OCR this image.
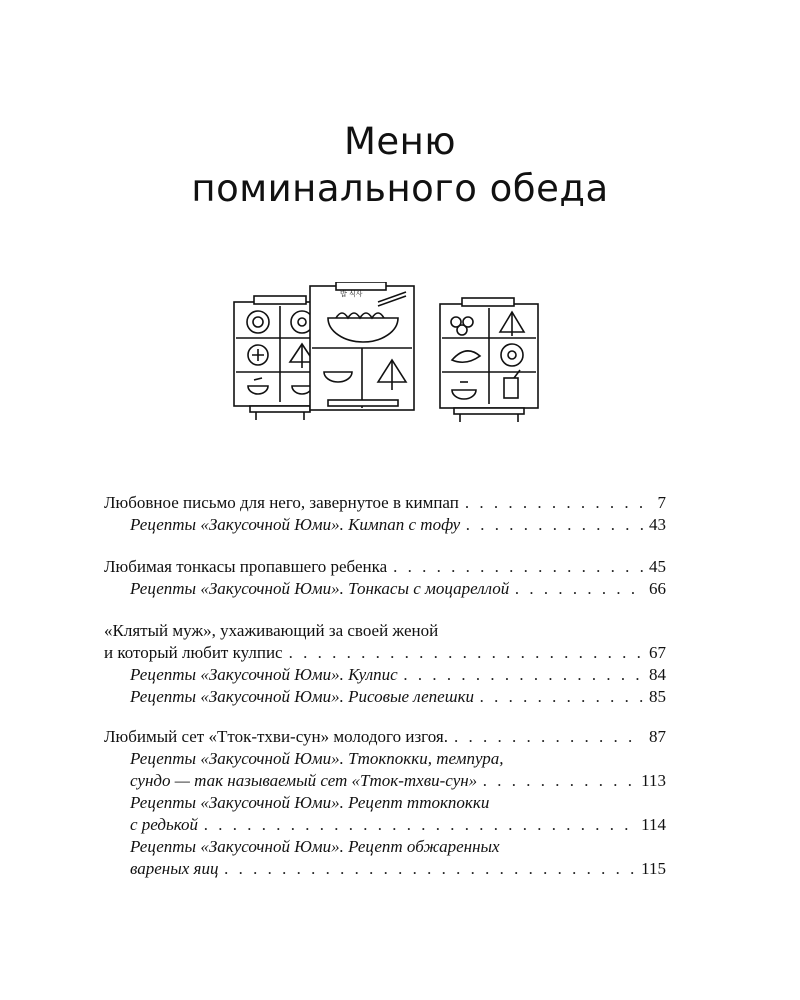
Меню
поминального обеда
밥 식사
Любовное письмо для него, завернутое в кимпап . . .	7
Рецепты «Закусочной Юми». Кимпап с тофу . . .	43
Любимая тонкасы пропавшего ребенка . . .	45
Рецепты «Закусочной Юми». Тонкасы с моцареллой . . .	66
«Клятый муж», ухаживающий за своей женой
и который любит кулпис . . .	67
Рецепты «Закусочной Юми». Кулпис . . .	84
Рецепты «Закусочной Юми». Рисовые лепешки . . .	85
Любимый сет «Тток-тхви-сун» молодого изгоя. . . .	87
Рецепты «Закусочной Юми». Ттокпокки, темпура,
сундо — так называемый сет «Тток-тхви-сун» . . .	113
Рецепты «Закусочной Юми». Рецепт ттокпокки
с редькой . . .	114
Рецепты «Закусочной Юми». Рецепт обжаренных
вареных яиц . . .	115
